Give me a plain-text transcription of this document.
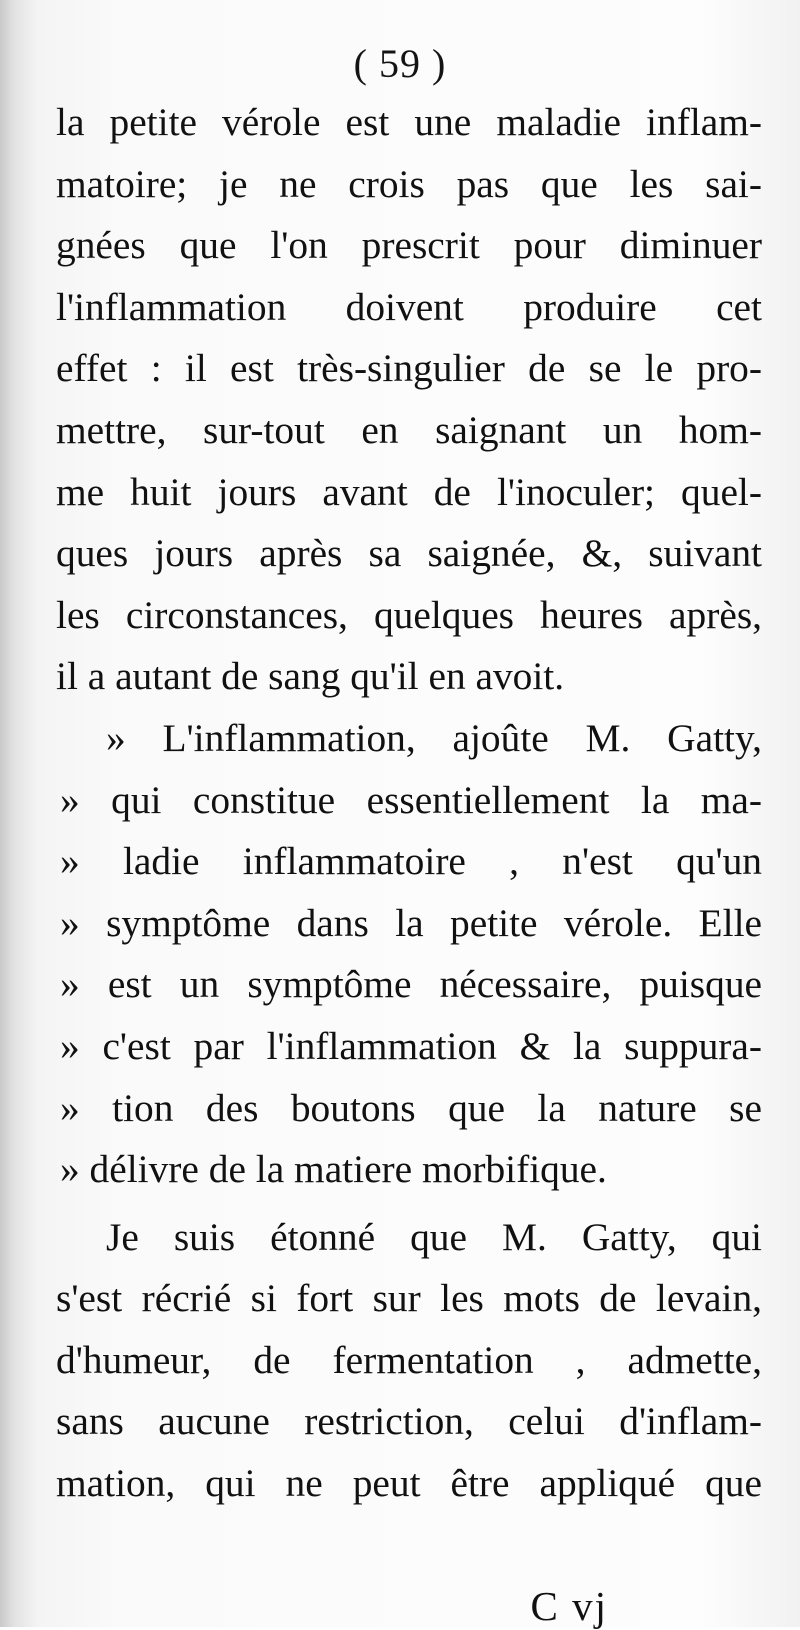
( 59 )
la petite vérole est une maladie inflam-
matoire; je ne crois pas que les sai-
gnées que l'on prescrit pour diminuer
l'inflammation doivent produire cet
effet : il est très-singulier de se le pro-
mettre, sur-tout en saignant un hom-
me huit jours avant de l'inoculer; quel-
ques jours après sa saignée, &, suivant
les circonstances, quelques heures après,
il a autant de sang qu'il en avoit.
» L'inflammation, ajoûte M. Gatty,
» qui constitue essentiellement la ma-
» ladie inflammatoire , n'est qu'un
» symptôme dans la petite vérole. Elle
» est un symptôme nécessaire, puisque
» c'est par l'inflammation & la suppura-
» tion des boutons que la nature se
» délivre de la matiere morbifique.
Je suis étonné que M. Gatty, qui
s'est récrié si fort sur les mots de levain,
d'humeur, de fermentation , admette,
sans aucune restriction, celui d'inflam-
mation, qui ne peut être appliqué que
C vj
